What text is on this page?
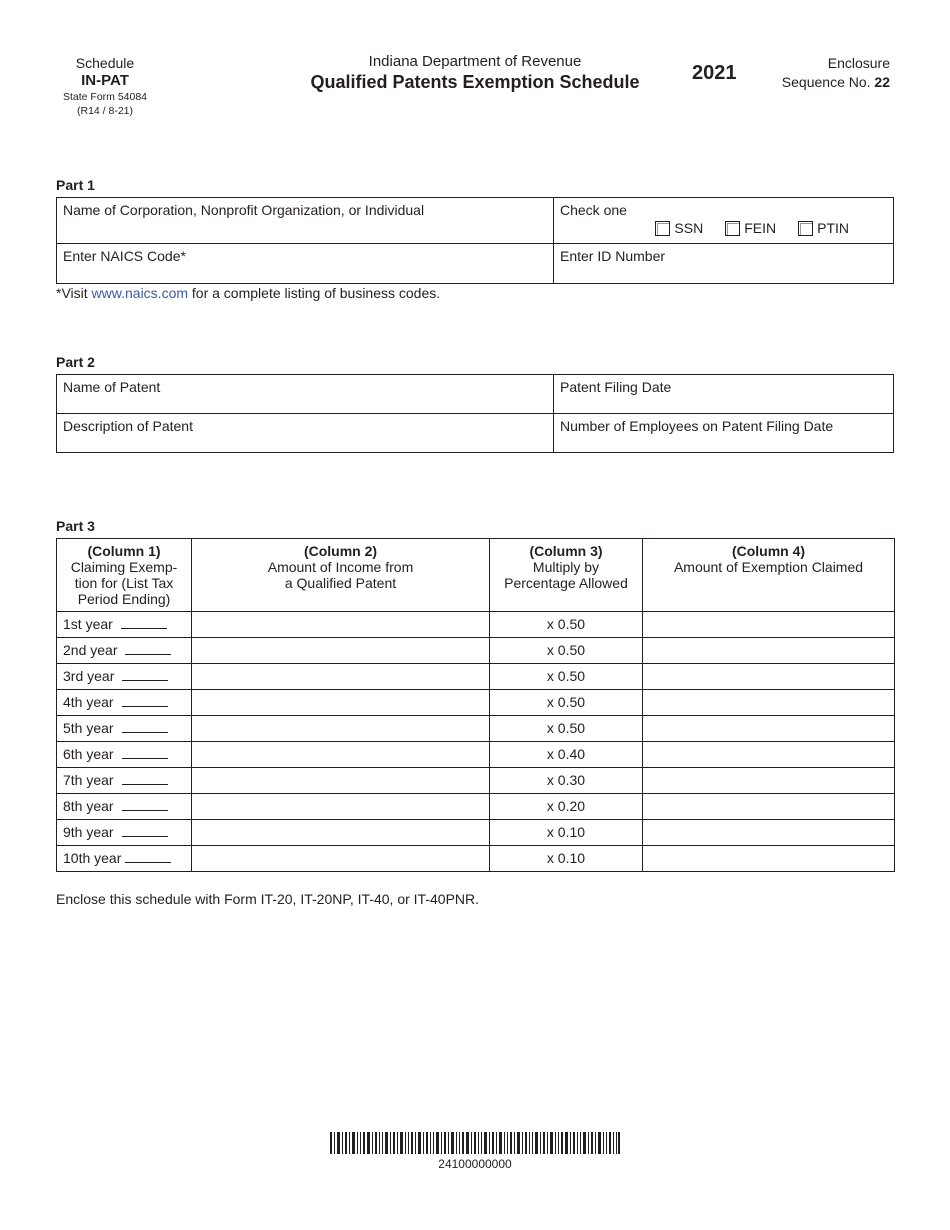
Schedule
IN-PAT
State Form 54084
(R14 / 8-21)
Indiana Department of Revenue
Qualified Patents Exemption Schedule	2021	Enclosure
Sequence No. 22
Part 1
Name of Corporation, Nonprofit Organization, or Individual	Check one
SSN FEIN PTIN

Enter NAICS Code*	Enter ID Number
*Visit www.naics.com for a complete listing of business codes.
Part 2
Name of Patent	Patent Filing Date
Description of Patent	Number of Employees on Patent Filing Date
Part 3
(Column 1)
Claiming Exemp-
tion for (List Tax
Period Ending)	(Column 2)
Amount of Income from
a Qualified Patent	(Column 3)
Multiply by
Percentage Allowed	(Column 4)
Amount of Exemption Claimed
1st year		x 0.50	
2nd year		x 0.50	
3rd year		x 0.50	
4th year		x 0.50	
5th year		x 0.50	
6th year		x 0.40	
7th year		x 0.30	
8th year		x 0.20	
9th year		x 0.10	
10th year		x 0.10	
Enclose this schedule with Form IT-20, IT-20NP, IT-40, or IT-40PNR.
24100000000
